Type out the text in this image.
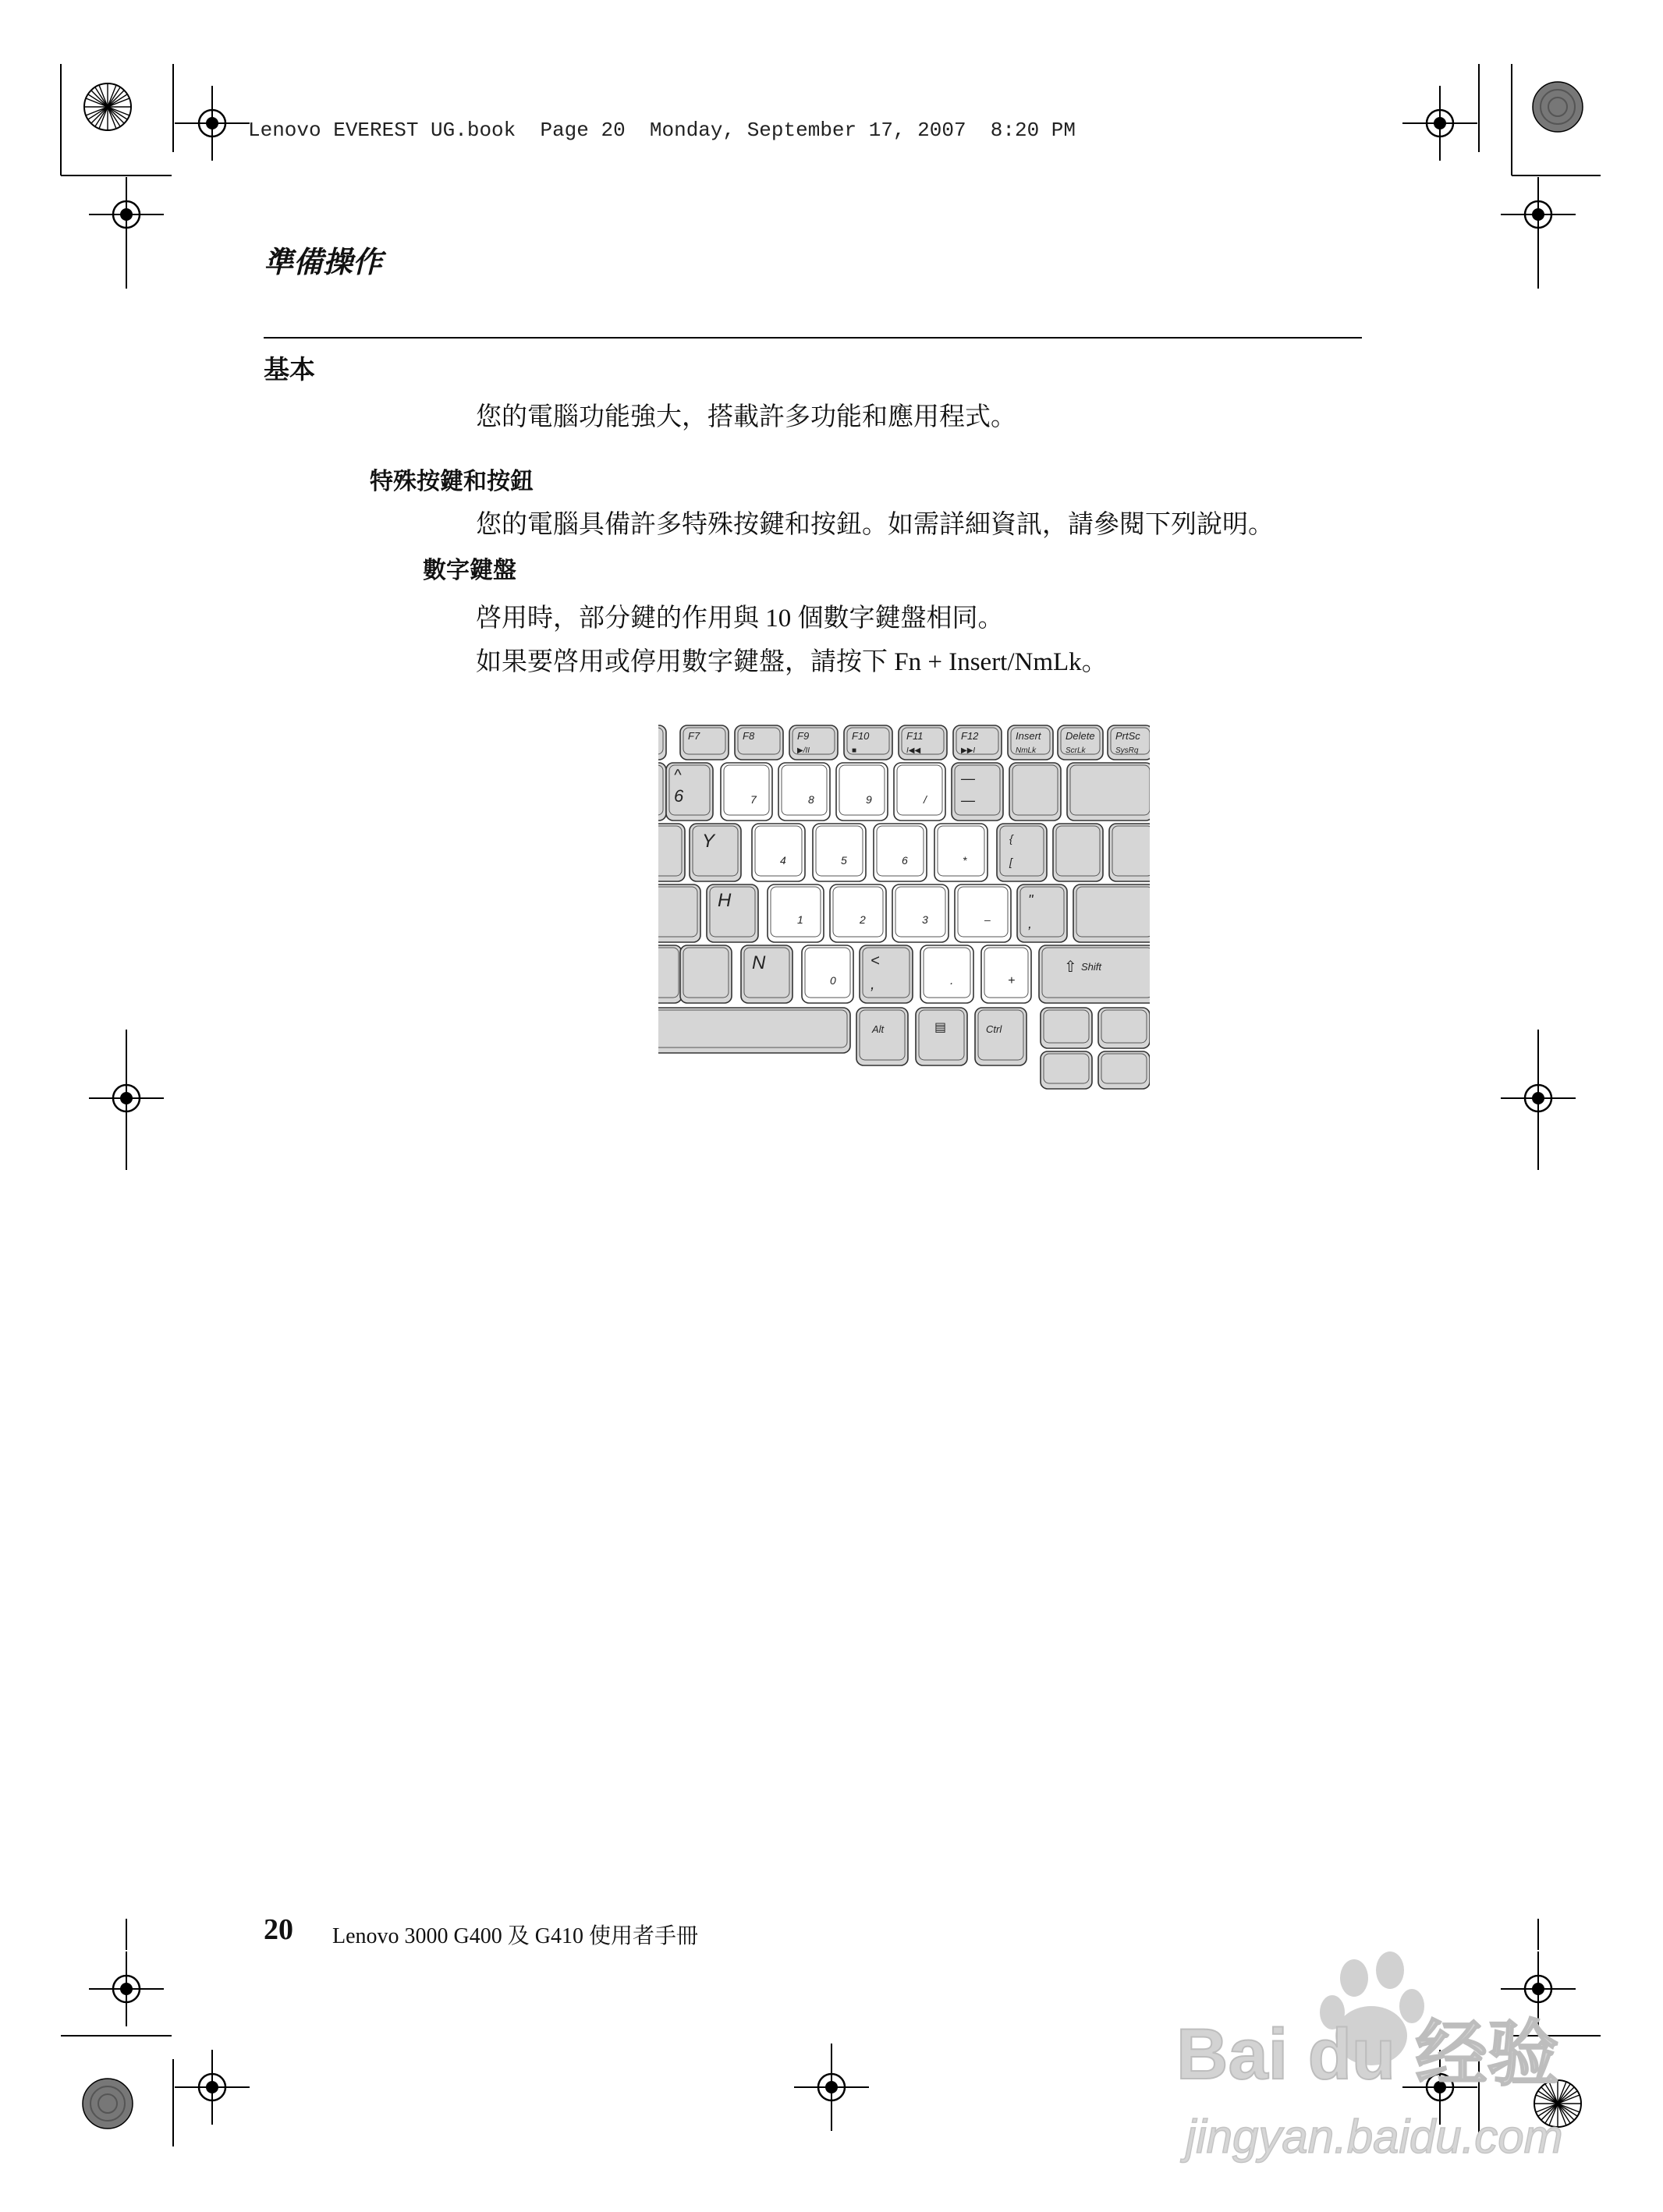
Lenovo EVEREST UG.book  Page 20  Monday, September 17, 2007  8:20 PM
準備操作
基本
您的電腦功能強大，搭載許多功能和應用程式。
特殊按鍵和按鈕
您的電腦具備許多特殊按鍵和按鈕。如需詳細資訊，請參閱下列說明。
數字鍵盤
啓用時，部分鍵的作用與 10 個數字鍵盤相同。
如果要啓用或停用數字鍵盤，請按下 Fn + Insert/NmLk。
F7	F8	F9
▶/II
F10
■
F11
I◀◀
F12
▶▶I
Insert
NmLk
Delete
ScrLk
PrtSc
SysRq
^
6	7	8	9	/
—
—
Y
4	5	6	*
{
[
H
1	2	3	–
"
,
N
0
<
,	.	+
⇧ Shift
Alt	▤	Ctrl
20 Lenovo 3000 G400 及 G410 使用者手冊
Bai du 经验
jingyan.baidu.com
